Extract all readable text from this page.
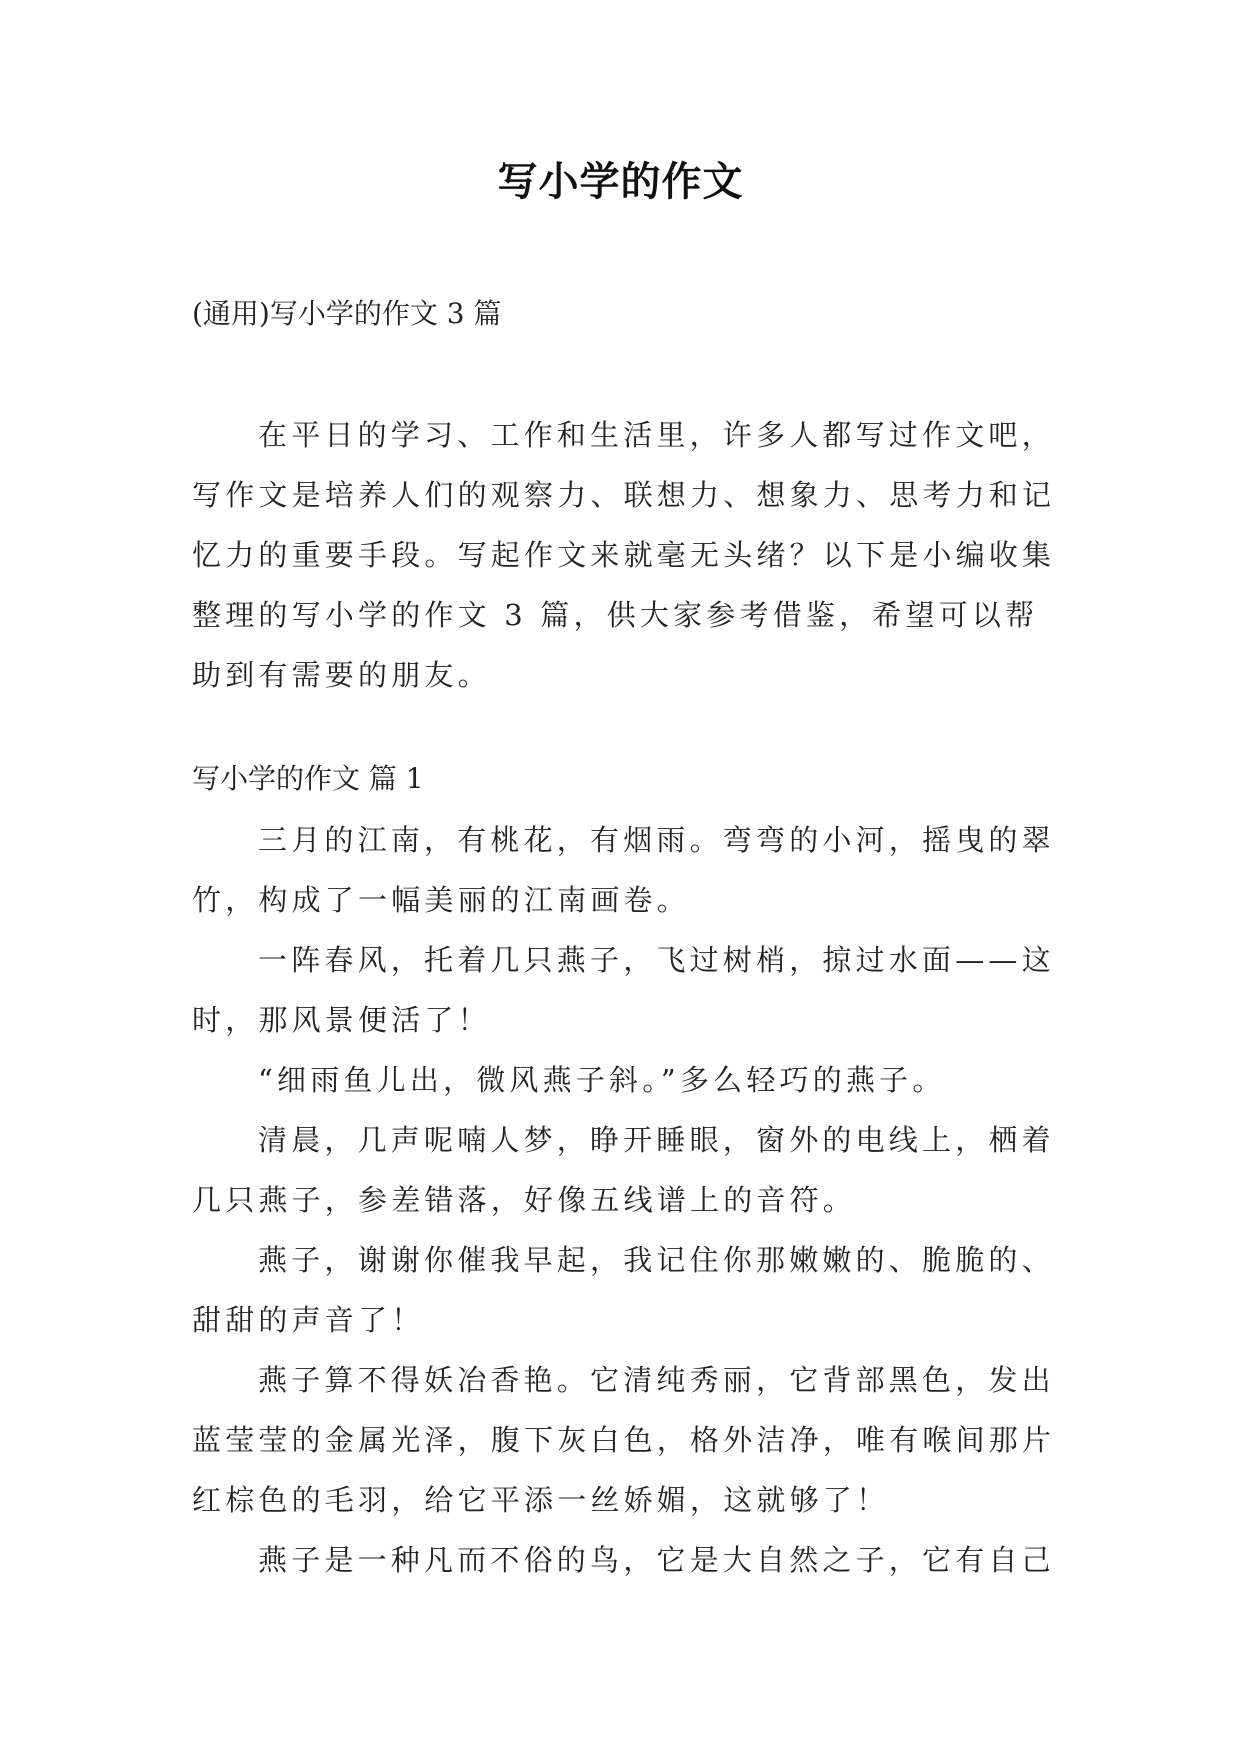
写小学的作文
(通用)写小学的作文 3 篇

在平日的学习、工作和生活里，许多人都写过作文吧，写作文是培养人们的观察力、联想力、想象力、思考力和记忆力的重要手段。写起作文来就毫无头绪？以下是小编收集整理的写小学的作文 3 篇，供大家参考借鉴，希望可以帮助到有需要的朋友。

写小学的作文 篇 1

三月的江南，有桃花，有烟雨。弯弯的小河，摇曳的翠竹，构成了一幅美丽的江南画卷。

一阵春风，托着几只燕子，飞过树梢，掠过水面——这时，那风景便活了！

“细雨鱼儿出，微风燕子斜。”多么轻巧的燕子。

清晨，几声呢喃人梦，睁开睡眼，窗外的电线上，栖着几只燕子，参差错落，好像五线谱上的音符。

燕子，谢谢你催我早起，我记住你那嫩嫩的、脆脆的、甜甜的声音了！

燕子算不得妖冶香艳。它清纯秀丽，它背部黑色，发出蓝莹莹的金属光泽，腹下灰白色，格外洁净，唯有喉间那片红棕色的毛羽，给它平添一丝娇媚，这就够了！

燕子是一种凡而不俗的鸟，它是大自然之子，它有自己
